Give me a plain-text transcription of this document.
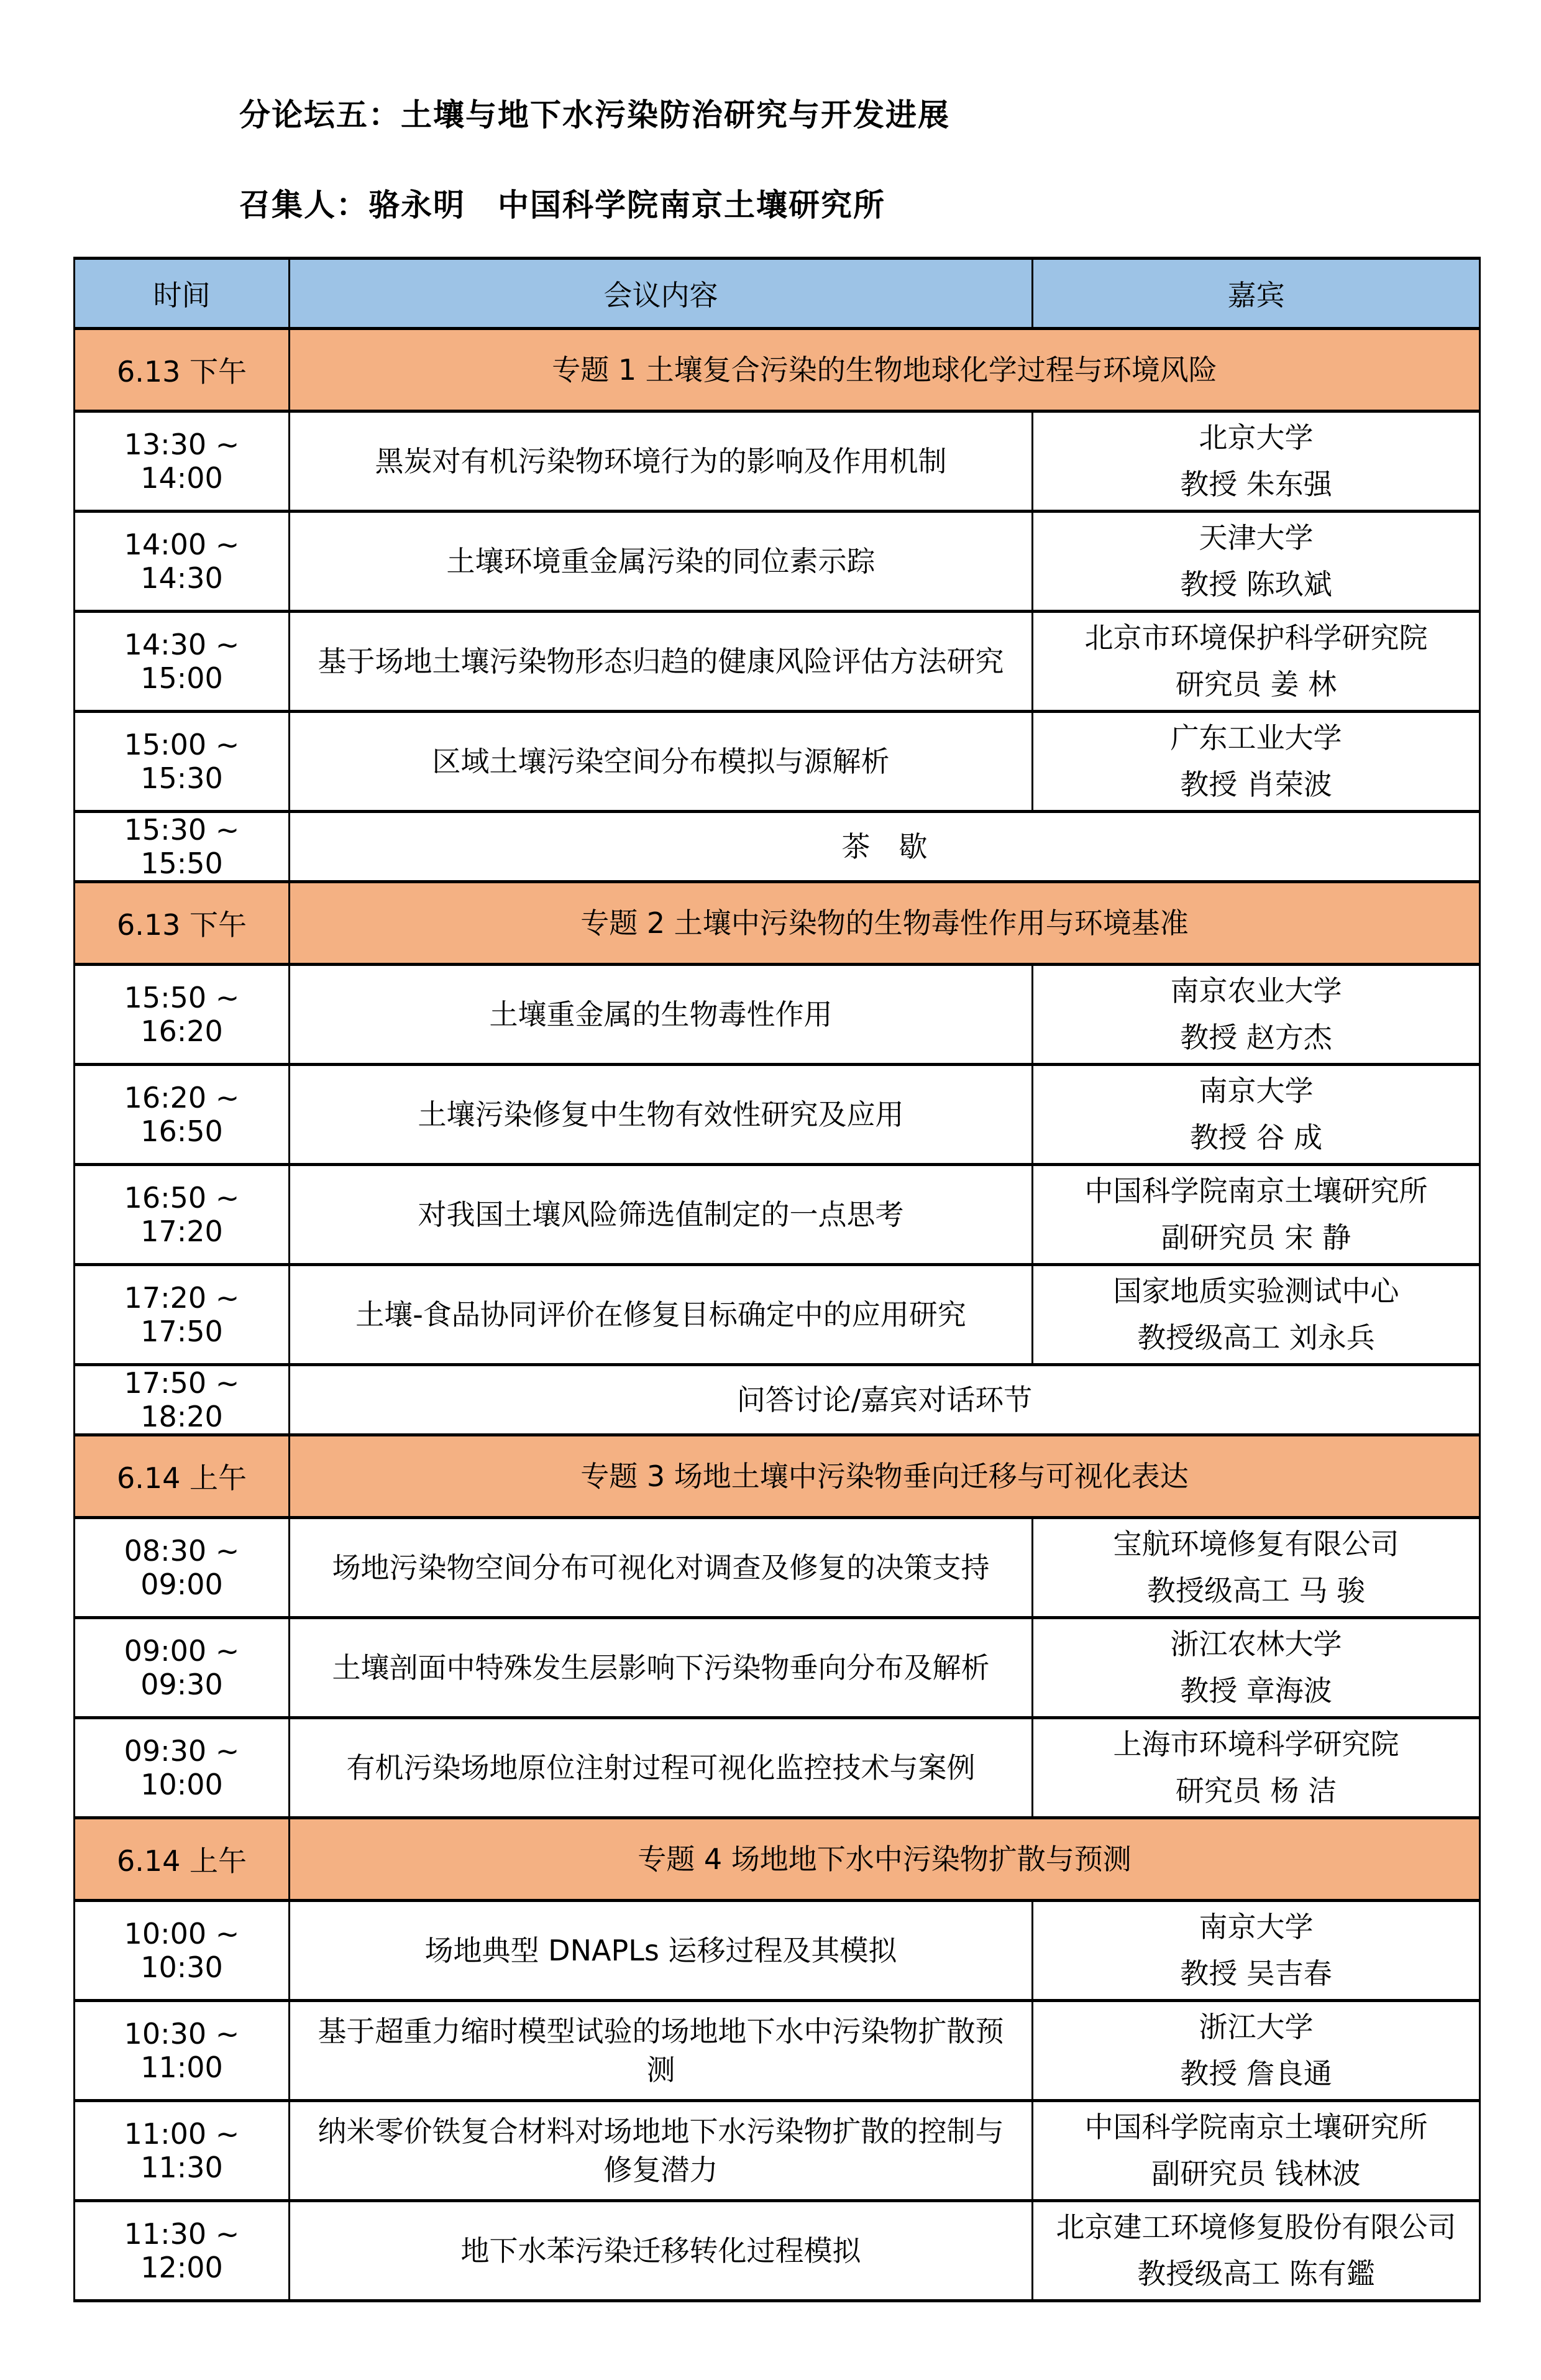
分论坛五：土壤与地下水污染防治研究与开发进展
召集人：骆永明　中国科学院南京土壤研究所
时间	会议内容	嘉宾
6.13 下午	专题 1 土壤复合污染的生物地球化学过程与环境风险	
13:30 ~ 14:00	黑炭对有机污染物环境行为的影响及作用机制	北京大学
教授 朱东强

14:00 ~ 14:30	土壤环境重金属污染的同位素示踪	天津大学
教授 陈玖斌

14:30 ~ 15:00	基于场地土壤污染物形态归趋的健康风险评估方法研究	北京市环境保护科学研究院
研究员 姜 林

15:00 ~ 15:30	区域土壤污染空间分布模拟与源解析	广东工业大学
教授 肖荣波

15:30 ~ 15:50	茶　歇	
6.13 下午	专题 2 土壤中污染物的生物毒性作用与环境基准	
15:50 ~ 16:20	土壤重金属的生物毒性作用	南京农业大学
教授 赵方杰

16:20 ~ 16:50	土壤污染修复中生物有效性研究及应用	南京大学
教授 谷 成

16:50 ~ 17:20	对我国土壤风险筛选值制定的一点思考	中国科学院南京土壤研究所
副研究员 宋 静

17:20 ~ 17:50	土壤-食品协同评价在修复目标确定中的应用研究	国家地质实验测试中心
教授级高工 刘永兵

17:50 ~ 18:20	问答讨论/嘉宾对话环节	
6.14 上午	专题 3 场地土壤中污染物垂向迁移与可视化表达	
08:30 ~ 09:00	场地污染物空间分布可视化对调查及修复的决策支持	宝航环境修复有限公司
教授级高工 马 骏

09:00 ~ 09:30	土壤剖面中特殊发生层影响下污染物垂向分布及解析	浙江农林大学
教授 章海波

09:30 ~ 10:00	有机污染场地原位注射过程可视化监控技术与案例	上海市环境科学研究院
研究员 杨 洁

6.14 上午	专题 4 场地地下水中污染物扩散与预测	
10:00 ~ 10:30	场地典型 DNAPLs 运移过程及其模拟	南京大学
教授 吴吉春

10:30 ~ 11:00	基于超重力缩时模型试验的场地地下水中污染物扩散预测	浙江大学
教授 詹良通

11:00 ~ 11:30	纳米零价铁复合材料对场地地下水污染物扩散的控制与修复潜力	中国科学院南京土壤研究所
副研究员 钱林波

11:30 ~ 12:00	地下水苯污染迁移转化过程模拟	北京建工环境修复股份有限公司
教授级高工 陈有鑑
